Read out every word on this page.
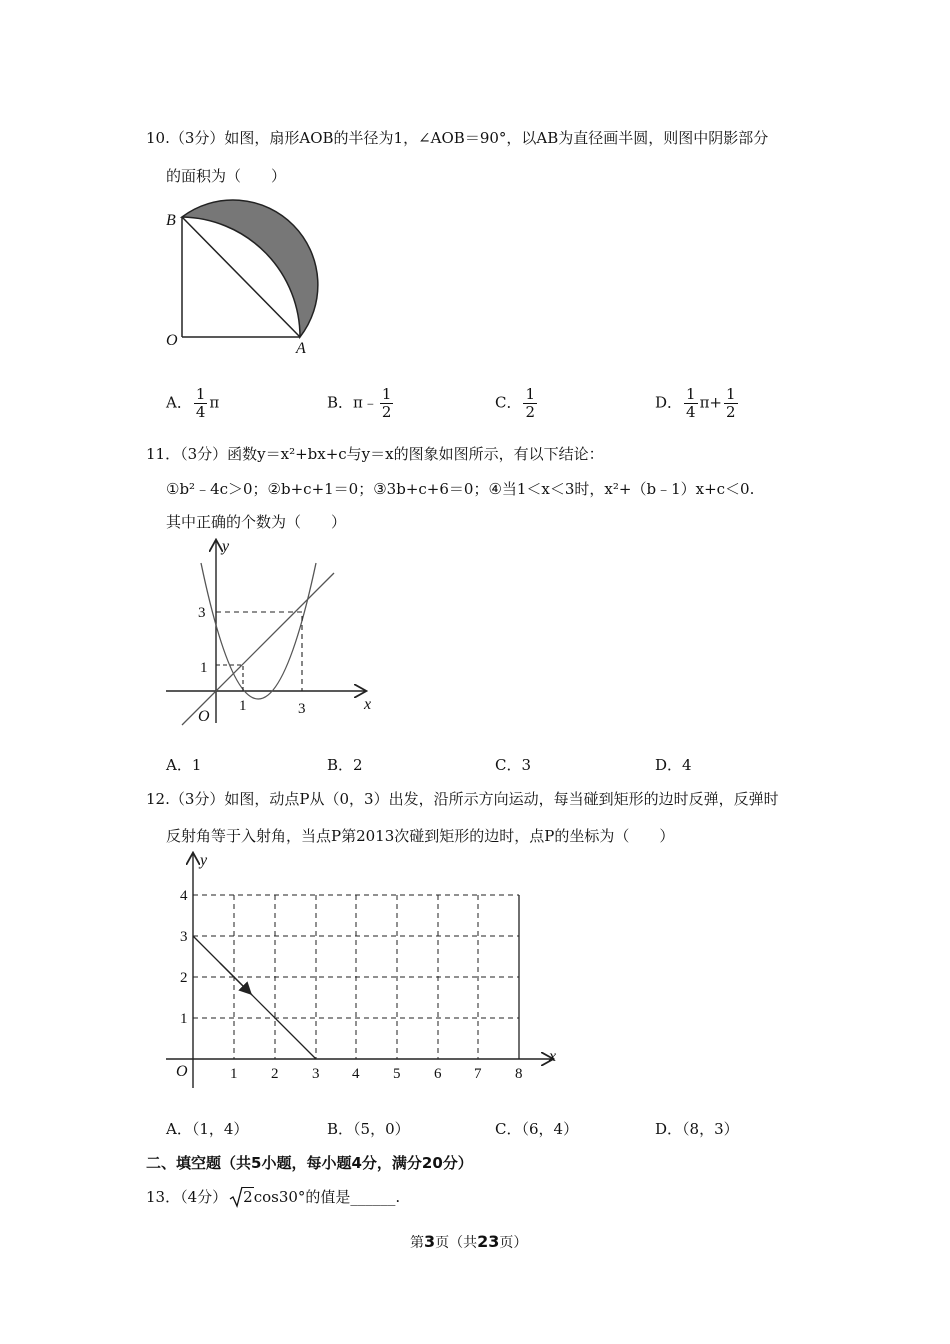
10.（3分）如图，扇形AOB的半径为1，∠AOB＝90°，以AB为直径画半圆，则图中阴影部分
的面积为（　　）
B
O	A
A． $\frac{1}{4}$ π	B．π﹣ $\frac{1}{2}$	C． $\frac{1}{2}$	D． $\frac{1}{4} \pi+ \frac{1}{2}$
11．（3分）函数y＝x²+bx+c与y＝x的图象如图所示，有以下结论：
①b²﹣4c＞0；②b+c+1＝0；③3b+c+6＝0；④当1＜x＜3时，x²+（b﹣1）x+c＜0.
其中正确的个数为（　　）
y
x
O
3
1
1	3
A．1	B．2	C．3	D．4
12.（3分）如图，动点P从（0，3）出发，沿所示方向运动，每当碰到矩形的边时反弹，反弹时
反射角等于入射角，当点P第2013次碰到矩形的边时，点P的坐标为（　　）
y
x
O
4
3
2
1
1 2 3 4 5 6 7 8
A．（1，4）	B．（5，0）	C．（6，4）	D．（8，3）
二、填空题（共5小题，每小题4分，满分20分）
13．（4分） 2cos30°的值是______.
第3页（共23页）
